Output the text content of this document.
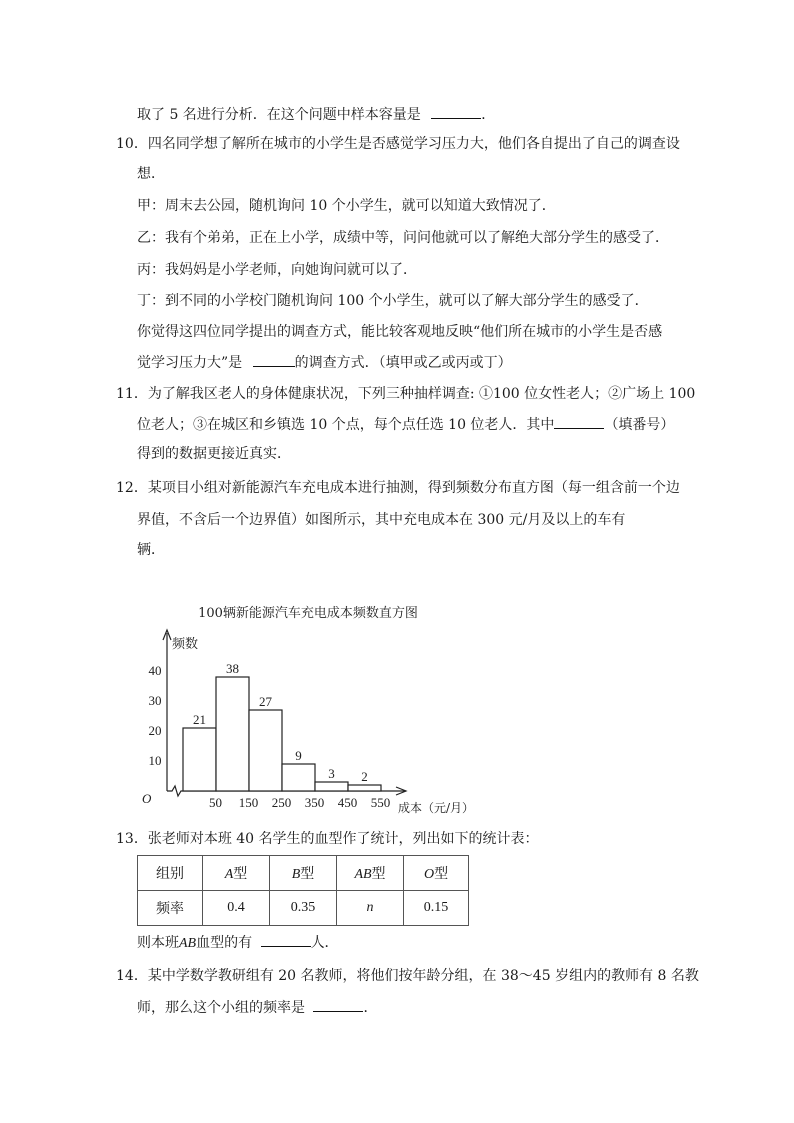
取了 5 名进行分析．在这个问题中样本容量是	．
10．四名同学想了解所在城市的小学生是否感觉学习压力大，他们各自提出了自己的调查设
想．
甲：周末去公园，随机询问 10 个小学生，就可以知道大致情况了．
乙：我有个弟弟，正在上小学，成绩中等，问问他就可以了解绝大部分学生的感受了．
丙：我妈妈是小学老师，向她询问就可以了．
丁：到不同的小学校门随机询问 100 个小学生，就可以了解大部分学生的感受了．
你觉得这四位同学提出的调查方式，能比较客观地反映“他们所在城市的小学生是否感
觉学习压力大”是	的调查方式．（填甲或乙或丙或丁）
11．为了解我区老人的身体健康状况，下列三种抽样调查: ①100 位女性老人；②广场上 100
位老人；③在城区和乡镇选 10 个点，每个点任选 10 位老人．其中	（填番号）
得到的数据更接近真实．
12．某项目小组对新能源汽车充电成本进行抽测，得到频数分布直方图（每一组含前一个边
界值，不含后一个边界值）如图所示，其中充电成本在 300 元/月及以上的车有
辆．
100辆新能源汽车充电成本频数直方图
频数
成本（元/月）
O
10
20
30
40
21
50
38
150
27
250
9
350
3
450
2
550
13．张老师对本班 40 名学生的血型作了统计，列出如下的统计表：
组别	A型	B型	AB型	O型
频率	0.4	0.35	n	0.15
则本班AB血型的有	人．
14．某中学数学教研组有 20 名教师，将他们按年龄分组，在 38～45 岁组内的教师有 8 名教
师，那么这个小组的频率是	．
